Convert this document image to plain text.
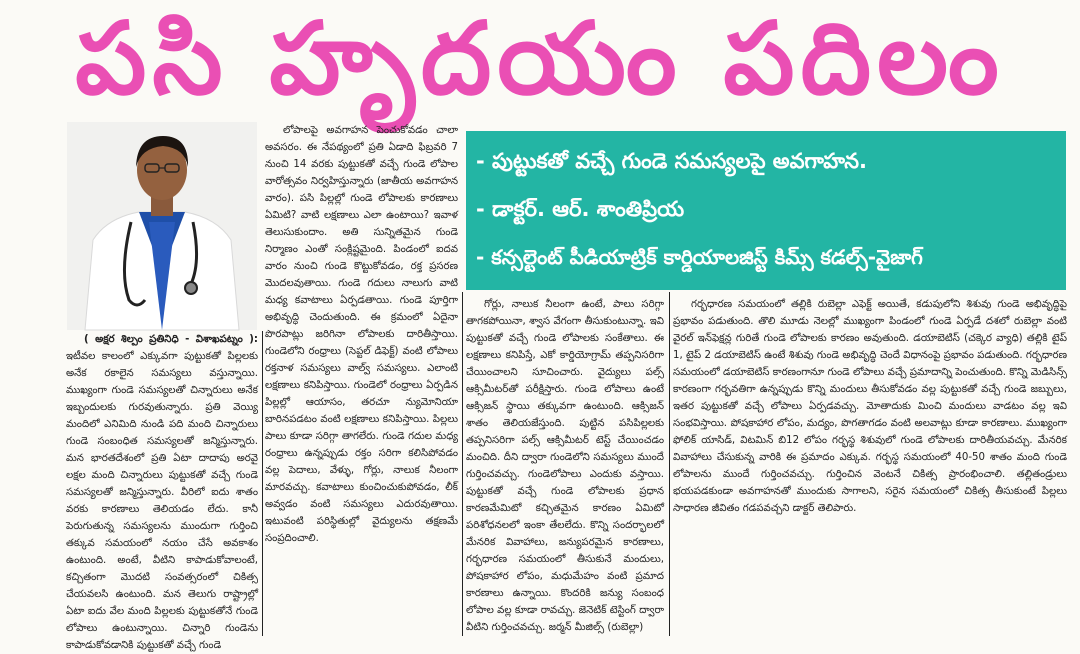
పసి హృదయం పదిలం
- పుట్టుకతో వచ్చే గుండె సమస్యలపై అవగాహన.
- డాక్టర్. ఆర్. శాంతిప్రియ
- కన్సల్టెంట్ పీడియాట్రిక్ కార్డియాలజిస్ట్ కిమ్స్ కడల్స్-వైజాగ్

( అక్షర శిల్పం ప్రతినిధి - విశాఖపట్నం ): ఇటీవల కాలంలో ఎక్కువగా పుట్టుకతో పిల్లలకు అనేక రకాలైన సమస్యలు వస్తున్నాయి. ముఖ్యంగా గుండె సమస్యలతో చిన్నారులు అనేక ఇబ్బందులకు గురవుతున్నారు. ప్రతి వెయ్యి మందిలో ఎనిమిది నుండి పది మంది చిన్నారులు గుండె సంబంధిత సమస్యలతో జన్మిస్తున్నారు. మన భారతదేశంలో ప్రతి ఏటా దాదాపు అరవై లక్షల మంది చిన్నారులు పుట్టుకతో వచ్చే గుండె సమస్యలతో జన్మిస్తున్నారు. వీరిలో ఐదు శాతం వరకు కారణాలు తెలియడం లేదు. కానీ పెరుగుతున్న సమస్యలను ముందుగా గుర్తించి తక్కువ సమయంలో నయం చేసే అవకాశం ఉంటుంది. అంటే, వీటిని కాపాడుకోవాలంటే, కచ్చితంగా మొదటి సంవత్సరంలో చికిత్స చేయవలసి ఉంటుంది. మన తెలుగు రాష్ట్రాల్లో ఏటా ఐదు వేల మంది పిల్లలకు పుట్టుకతోనే గుండె లోపాలు ఉంటున్నాయి. చిన్నారి గుండెను కాపాడుకోవడానికి పుట్టుకతో వచ్చే గుండె

లోపాలపై అవగాహన పెంచుకోవడం చాలా అవసరం. ఈ నేపథ్యంలో ప్రతి ఏడాది ఫిబ్రవరి 7 నుంచి 14 వరకు పుట్టుకతో వచ్చే గుండె లోపాల వారోత్సవం నిర్వహిస్తున్నారు (జాతీయ అవగాహన వారం). పసి పిల్లల్లో గుండె లోపాలకు కారణాలు ఏమిటి? వాటి లక్షణాలు ఎలా ఉంటాయి? ఇవాళ తెలుసుకుందాం. అతి సున్నితమైన గుండె నిర్మాణం ఎంతో సంక్లిష్టమైంది. పిండంలో ఐదవ వారం నుంచి గుండె కొట్టుకోవడం, రక్త ప్రసరణ మొదలవుతాయి. గుండె గదులు నాలుగు వాటి మధ్య కవాటాలు ఏర్పడతాయి. గుండె పూర్తిగా అభివృద్ధి చెందుతుంది. ఈ క్రమంలో ఏదైనా పొరపాట్లు జరిగినా లోపాలకు దారితీస్తాయి. గుండెలోని రంధ్రాలు (సెప్టల్ డిఫెక్ట్) వంటి లోపాలు రక్తనాళ సమస్యలు వాల్వ్ సమస్యలు. ఎలాంటి లక్షణాలు కనిపిస్తాయి. గుండెలో రంధ్రాలు ఏర్పడిన పిల్లల్లో ఆయాసం, తరచూ న్యుమోనియా బారినపడటం వంటి లక్షణాలు కనిపిస్తాయి. పిల్లలు పాలు కూడా సరిగ్గా తాగలేరు. గుండె గదుల మధ్య రంధ్రాలు ఉన్నప్పుడు రక్తం సరిగా కలిసిపోవడం వల్ల పెదాలు, వేళ్ళు, గోర్లు, నాలుక నీలంగా మారవచ్చు. కవాటాలు కుంచించుకుపోవడం, లీక్ అవ్వడం వంటి సమస్యలు ఎదురవుతాయి. ఇటువంటి పరిస్థితుల్లో వైద్యులను తక్షణమే సంప్రదించాలి.

గోర్లు, నాలుక నీలంగా ఉంటే, పాలు సరిగ్గా తాగకపోయినా, శ్వాస వేగంగా తీసుకుంటున్నా. ఇవి పుట్టుకతో వచ్చే గుండె లోపాలకు సంకేతాలు. ఈ లక్షణాలు కనిపిస్తే, ఎకో కార్డియోగ్రామ్ తప్పనిసరిగా చేయించాలని సూచించారు. వైద్యులు పల్స్ ఆక్సిమీటర్‌తో పరీక్షిస్తారు. గుండె లోపాలు ఉంటే ఆక్సిజన్ స్థాయి తక్కువగా ఉంటుంది. ఆక్సిజన్ శాతం తెలియజేస్తుంది. పుట్టిన పసిపిల్లలకు తప్పనిసరిగా పల్స్ ఆక్సిమీటర్ టెస్ట్ చేయించడం మంచిది. దీని ద్వారా గుండెలోని సమస్యలు ముందే గుర్తించవచ్చు. గుండెలోపాలు ఎందుకు వస్తాయి. పుట్టుకతో వచ్చే గుండె లోపాలకు ప్రధాన కారణమేమిటో కచ్చితమైన కారణం ఏమిటో పరిశోధనలలో ఇంకా తేలలేదు. కొన్ని సందర్భాలలో మేనరిక వివాహాలు, జన్యుపరమైన కారణాలు, గర్భధారణ సమయంలో తీసుకునే మందులు, పోషకాహార లోపం, మధుమేహం వంటి ప్రమాద కారణాలు ఉన్నాయి. కొందరికి జన్యు సంబంధ లోపాల వల్ల కూడా రావచ్చు. జెనెటిక్ టెస్టింగ్ ద్వారా వీటిని గుర్తించవచ్చు. జర్మన్ మీజిల్స్ (రుబెల్లా)

గర్భధారణ సమయంలో తల్లికి రుబెల్లా ఎఫెక్ట్ అయితే, కడుపులోని శిశువు గుండె అభివృద్ధిపై ప్రభావం పడుతుంది. తొలి మూడు నెలల్లో ముఖ్యంగా పిండంలో గుండె ఏర్పడే దశలో రుబెల్లా వంటి వైరల్ ఇన్‌ఫెక్షన్ల గురితే గుండె లోపాలకు కారణం అవుతుంది. డయాబెటిస్ (చక్కెర వ్యాధి) తల్లికి టైప్ 1, టైప్ 2 డయాబెటిస్ ఉంటే శిశువు గుండె అభివృద్ధి చెందే విధానంపై ప్రభావం పడుతుంది. గర్భధారణ సమయంలో డయాబెటిస్ కారణంగానూ గుండె లోపాలు వచ్చే ప్రమాదాన్ని పెంచుతుంది. కొన్ని మెడిసిన్స్ కారణంగా గర్భవతిగా ఉన్నప్పుడు కొన్ని మందులు తీసుకోవడం వల్ల పుట్టుకతో వచ్చే గుండె జబ్బులు, ఇతర పుట్టుకతో వచ్చే లోపాలు ఏర్పడవచ్చు. మోతాదుకు మించి మందులు వాడటం వల్ల ఇవి సంభవిస్తాయి. పోషకాహార లోపం, మద్యం, పొగతాగడం వంటి అలవాట్లు కూడా కారణాలు. ముఖ్యంగా ఫోలిక్ యాసిడ్, విటమిన్ బి12 లోపం గర్భస్థ శిశువులో గుండె లోపాలకు దారితీయవచ్చు. మేనరిక వివాహాలు చేసుకున్న వారికి ఈ ప్రమాదం ఎక్కువ. గర్భస్థ సమయంలో 40-50 శాతం మంది గుండె లోపాలను ముందే గుర్తించవచ్చు. గుర్తించిన వెంటనే చికిత్స ప్రారంభించాలి. తల్లితండ్రులు భయపడకుండా అవగాహనతో ముందుకు సాగాలని, సరైన సమయంలో చికిత్స తీసుకుంటే పిల్లలు సాధారణ జీవితం గడపవచ్చని డాక్టర్ తెలిపారు.
